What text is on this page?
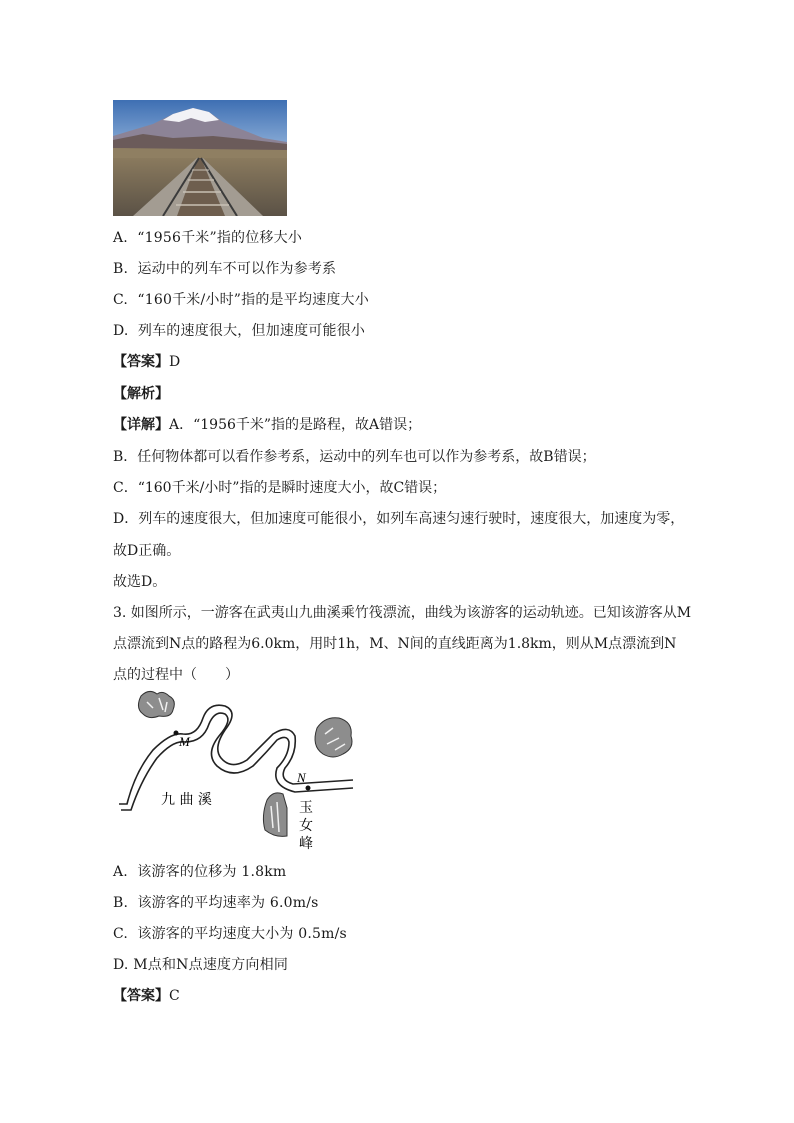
A. “1956千米”指的位移大小
B. 运动中的列车不可以作为参考系
C. “160千米/小时”指的是平均速度大小
D. 列车的速度很大，但加速度可能很小
【答案】D
【解析】
【详解】A．“1956千米”指的是路程，故A错误；
B．任何物体都可以看作参考系，运动中的列车也可以作为参考系，故B错误；
C．“160千米/小时”指的是瞬时速度大小，故C错误；
D．列车的速度很大，但加速度可能很小，如列车高速匀速行驶时，速度很大，加速度为零，
故D正确。
故选D。
3. 如图所示，一游客在武夷山九曲溪乘竹筏漂流，曲线为该游客的运动轨迹。已知该游客从M
点漂流到N点的路程为6.0km，用时1h，M、N间的直线距离为1.8km，则从M点漂流到N
点的过程中（　　）
M
N
九 曲 溪	玉
女
峰
A. 该游客的位移为 1.8km
B. 该游客的平均速率为 6.0m/s
C. 该游客的平均速度大小为 0.5m/s
D. M点和N点速度方向相同
【答案】C
